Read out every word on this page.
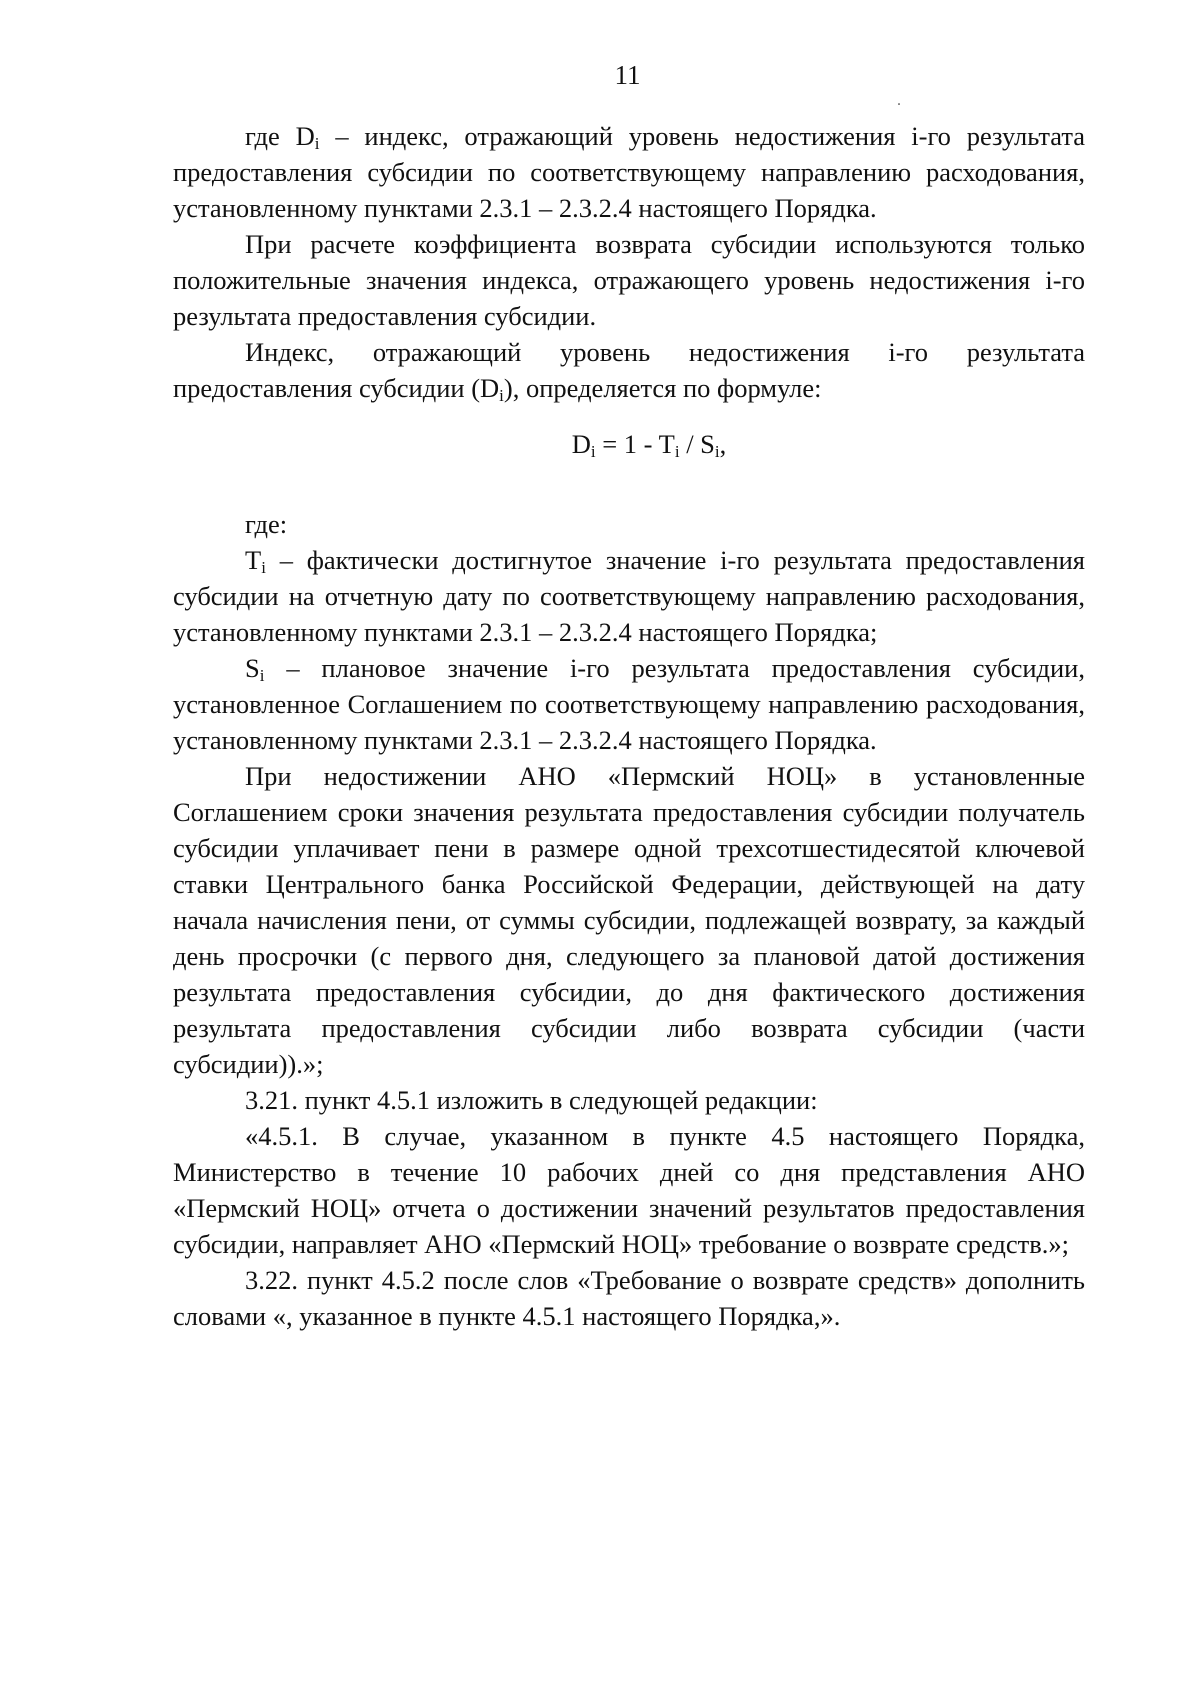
11
.

где $D_i$ – индекс, отражающий уровень недостижения i-го результата предоставления субсидии по соответствующему направлению расходования, установленному пунктами 2.3.1 – 2.3.2.4 настоящего Порядка.

При расчете коэффициента возврата субсидии используются только положительные значения индекса, отражающего уровень недостижения i-го результата предоставления субсидии.

Индекс, отражающий уровень недостижения i-го результата предоставления субсидии $(D_i)$, определяется по формуле:

$D_i = 1 - T_i / S_i$,

где:

$T_i$ – фактически достигнутое значение i-го результата предоставления субсидии на отчетную дату по соответствующему направлению расходования, установленному пунктами 2.3.1 – 2.3.2.4 настоящего Порядка;

$S_i$ – плановое значение i-го результата предоставления субсидии, установленное Соглашением по соответствующему направлению расходования, установленному пунктами 2.3.1 – 2.3.2.4 настоящего Порядка.

При недостижении АНО «Пермский НОЦ» в установленные Соглашением сроки значения результата предоставления субсидии получатель субсидии уплачивает пени в размере одной трехсотшестидесятой ключевой ставки Центрального банка Российской Федерации, действующей на дату начала начисления пени, от суммы субсидии, подлежащей возврату, за каждый день просрочки (с первого дня, следующего за плановой датой достижения результата предоставления субсидии, до дня фактического достижения результата предоставления субсидии либо возврата субсидии (части субсидии)).»;

3.21. пункт 4.5.1 изложить в следующей редакции:

«4.5.1. В случае, указанном в пункте 4.5 настоящего Порядка, Министерство в течение 10 рабочих дней со дня представления АНО «Пермский НОЦ» отчета о достижении значений результатов предоставления субсидии, направляет АНО «Пермский НОЦ» требование о возврате средств.»;

3.22. пункт 4.5.2 после слов «Требование о возврате средств» дополнить словами «, указанное в пункте 4.5.1 настоящего Порядка,».
